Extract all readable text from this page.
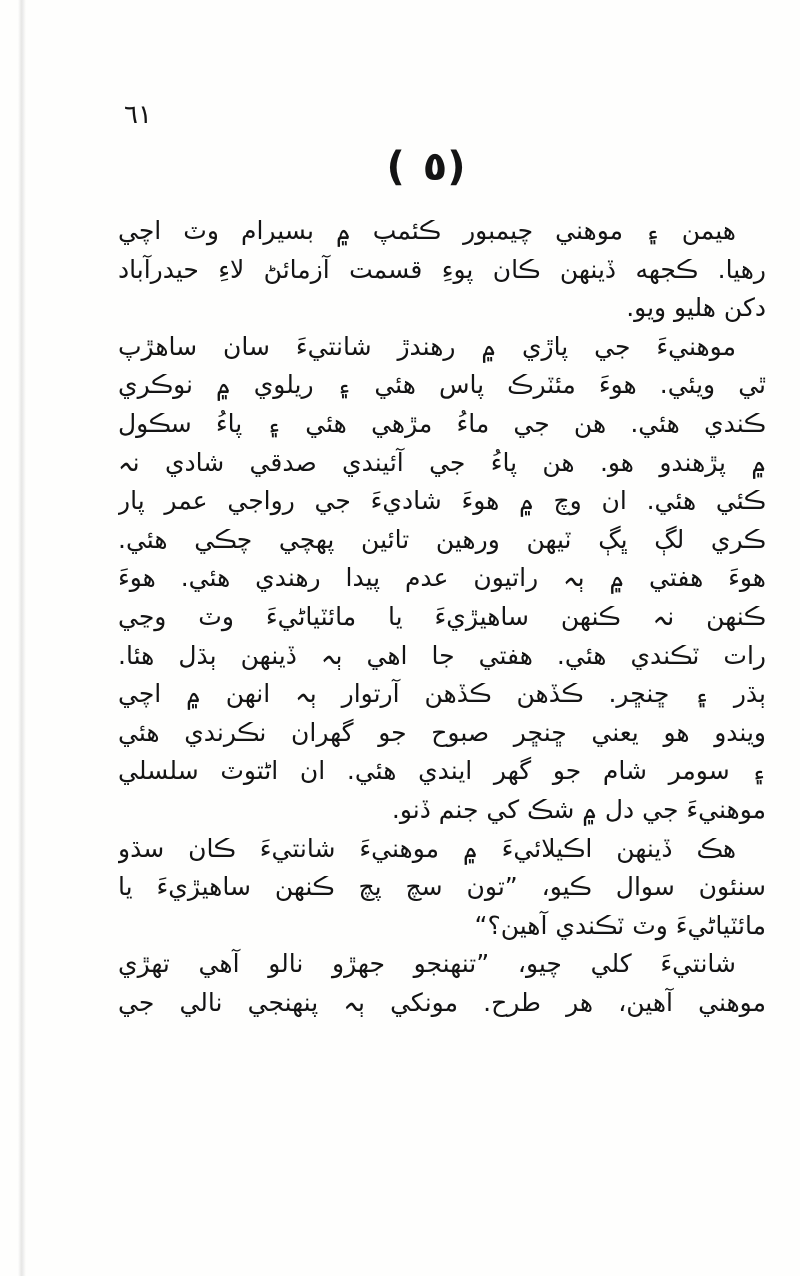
٦١
(٥)
هيمن ۽ موهني چيمبور ڪئمپ ۾ بسيرام وٽ اچي
رهيا. ڪجهه ڏينهن ڪان پوءِ قسمت آزمائڻ لاءِ حيدرآباد
دکن هليو ويو.
موهنيءَ جي پاڙي ۾ رهندڙ شانتيءَ سان ساهڙپ
ٿي ويئي. هوءَ مئٽرڪ پاس هئي ۽ ريلوي ۾ نوڪري
ڪندي هئي. هن جي ماءُ مڙهي هئي ۽ پاءُ سڪول
۾ پڙهندو هو. هن پاءُ جي آئيندي صدقي شادي نہ
ڪئي هئي. ان وچ ۾ هوءَ شاديءَ جي رواجي عمر پار
ڪري لڳ ڀڳ ٽيهن ورهين تائين پهچي چڪي هئي.
هوءَ هفتي ۾ ٻہ راتيون عدم پيدا رهندي هئي. هوءَ
ڪنهن نہ ڪنهن ساهيڙيءَ يا مائٽياڻيءَ وٽ وڃي
رات ٽڪندي هئي. هفتي جا اهي ٻہ ڏينهن ٻڌل هئا.
ٻڌر ۽ ڇنڇر. ڪڏهن ڪڏهن آرتوار ٻہ انهن ۾ اچي
ويندو هو يعني ڇنڇر صبوح جو گهران نڪرندي هئي
۽ سومر شام جو گهر ايندي هئي. ان اڻتوٽ سلسلي
موهنيءَ جي دل ۾ شڪ کي جنم ڏنو.
هڪ ڏينهن اڪيلائيءَ ۾ موهنيءَ شانتيءَ ڪان سڌو
سنئون سوال ڪيو، ”تون سچ پچ ڪنهن ساهيڙيءَ يا
مائٽياڻيءَ وٽ ٽڪندي آهين؟“
شانتيءَ کلي چيو، ”تنهنجو جهڙو نالو آهي تهڙي
موهني آهين، هر طرح. مونکي ٻہ پنهنجي نالي جي
